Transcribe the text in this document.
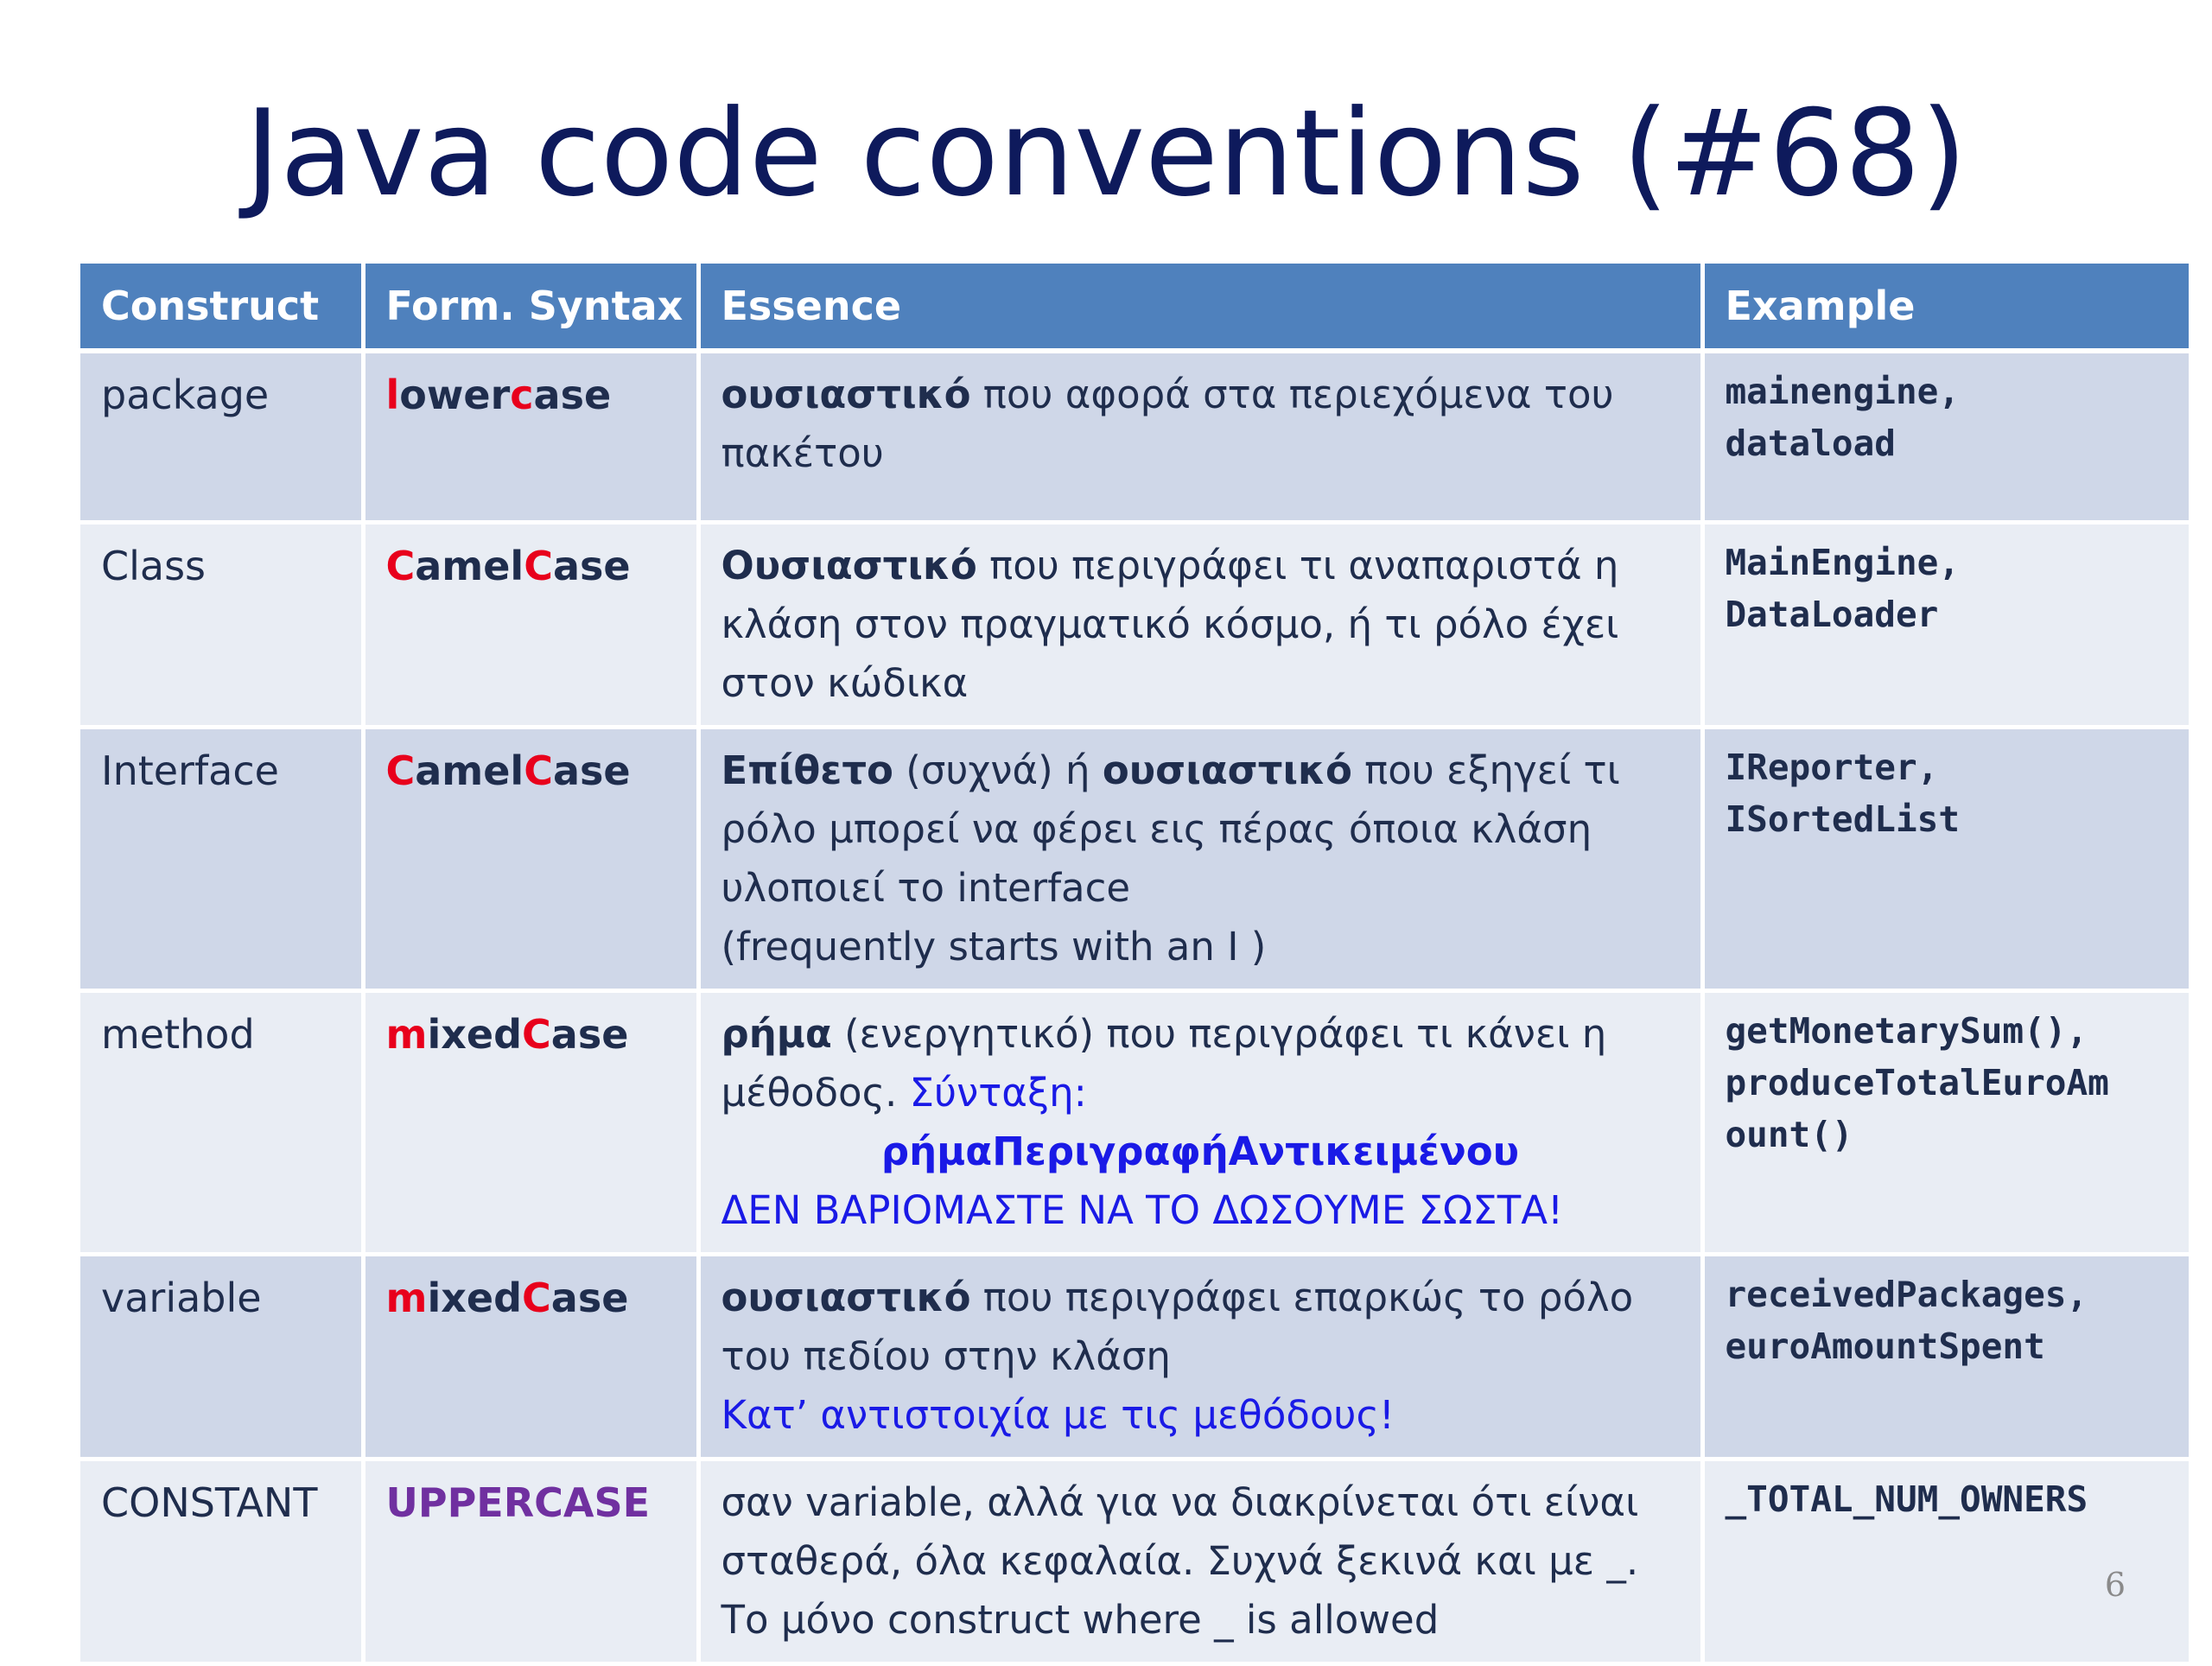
Java code conventions (#68)
Construct	Form. Syntax	Essence	Example
package	lowercase	ουσιαστικό που αφορά στα περιεχόμενα του πακέτου	mainengine,
dataload

Class	CamelCase	Ουσιαστικό που περιγράφει τι αναπαριστά η κλάση στον πραγματικό κόσμο, ή τι ρόλο έχει στον κώδικα	MainEngine,
DataLoader

Interface	CamelCase	Επίθετο (συχνά) ή ουσιαστικό που εξηγεί τι ρόλο μπορεί να φέρει εις πέρας όποια κλάση υλοποιεί το interface
(frequently starts with an I )	IReporter,
ISortedList

method	mixedCase	ρήμα (ενεργητικό) που περιγράφει τι κάνει η μέθοδος. Σύνταξη:
ρήμαΠεριγραφήΑντικειμένου
ΔΕΝ ΒΑΡΙΟΜΑΣΤΕ ΝΑ ΤΟ ΔΩΣΟΥΜΕ ΣΩΣΤΑ!	getMonetarySum(),
produceTotalEuroAm
ount()

variable	mixedCase	ουσιαστικό που περιγράφει επαρκώς το ρόλο του πεδίου στην κλάση
Κατ’ αντιστοιχία με τις μεθόδους!	receivedPackages,
euroAmountSpent

CONSTANT	UPPERCASE	σαν variable, αλλά για να διακρίνεται ότι είναι σταθερά, όλα κεφαλαία. Συχνά ξεκινά και με _.
Το μόνο construct where _ is allowed	_TOTAL_NUM_OWNERS
6
